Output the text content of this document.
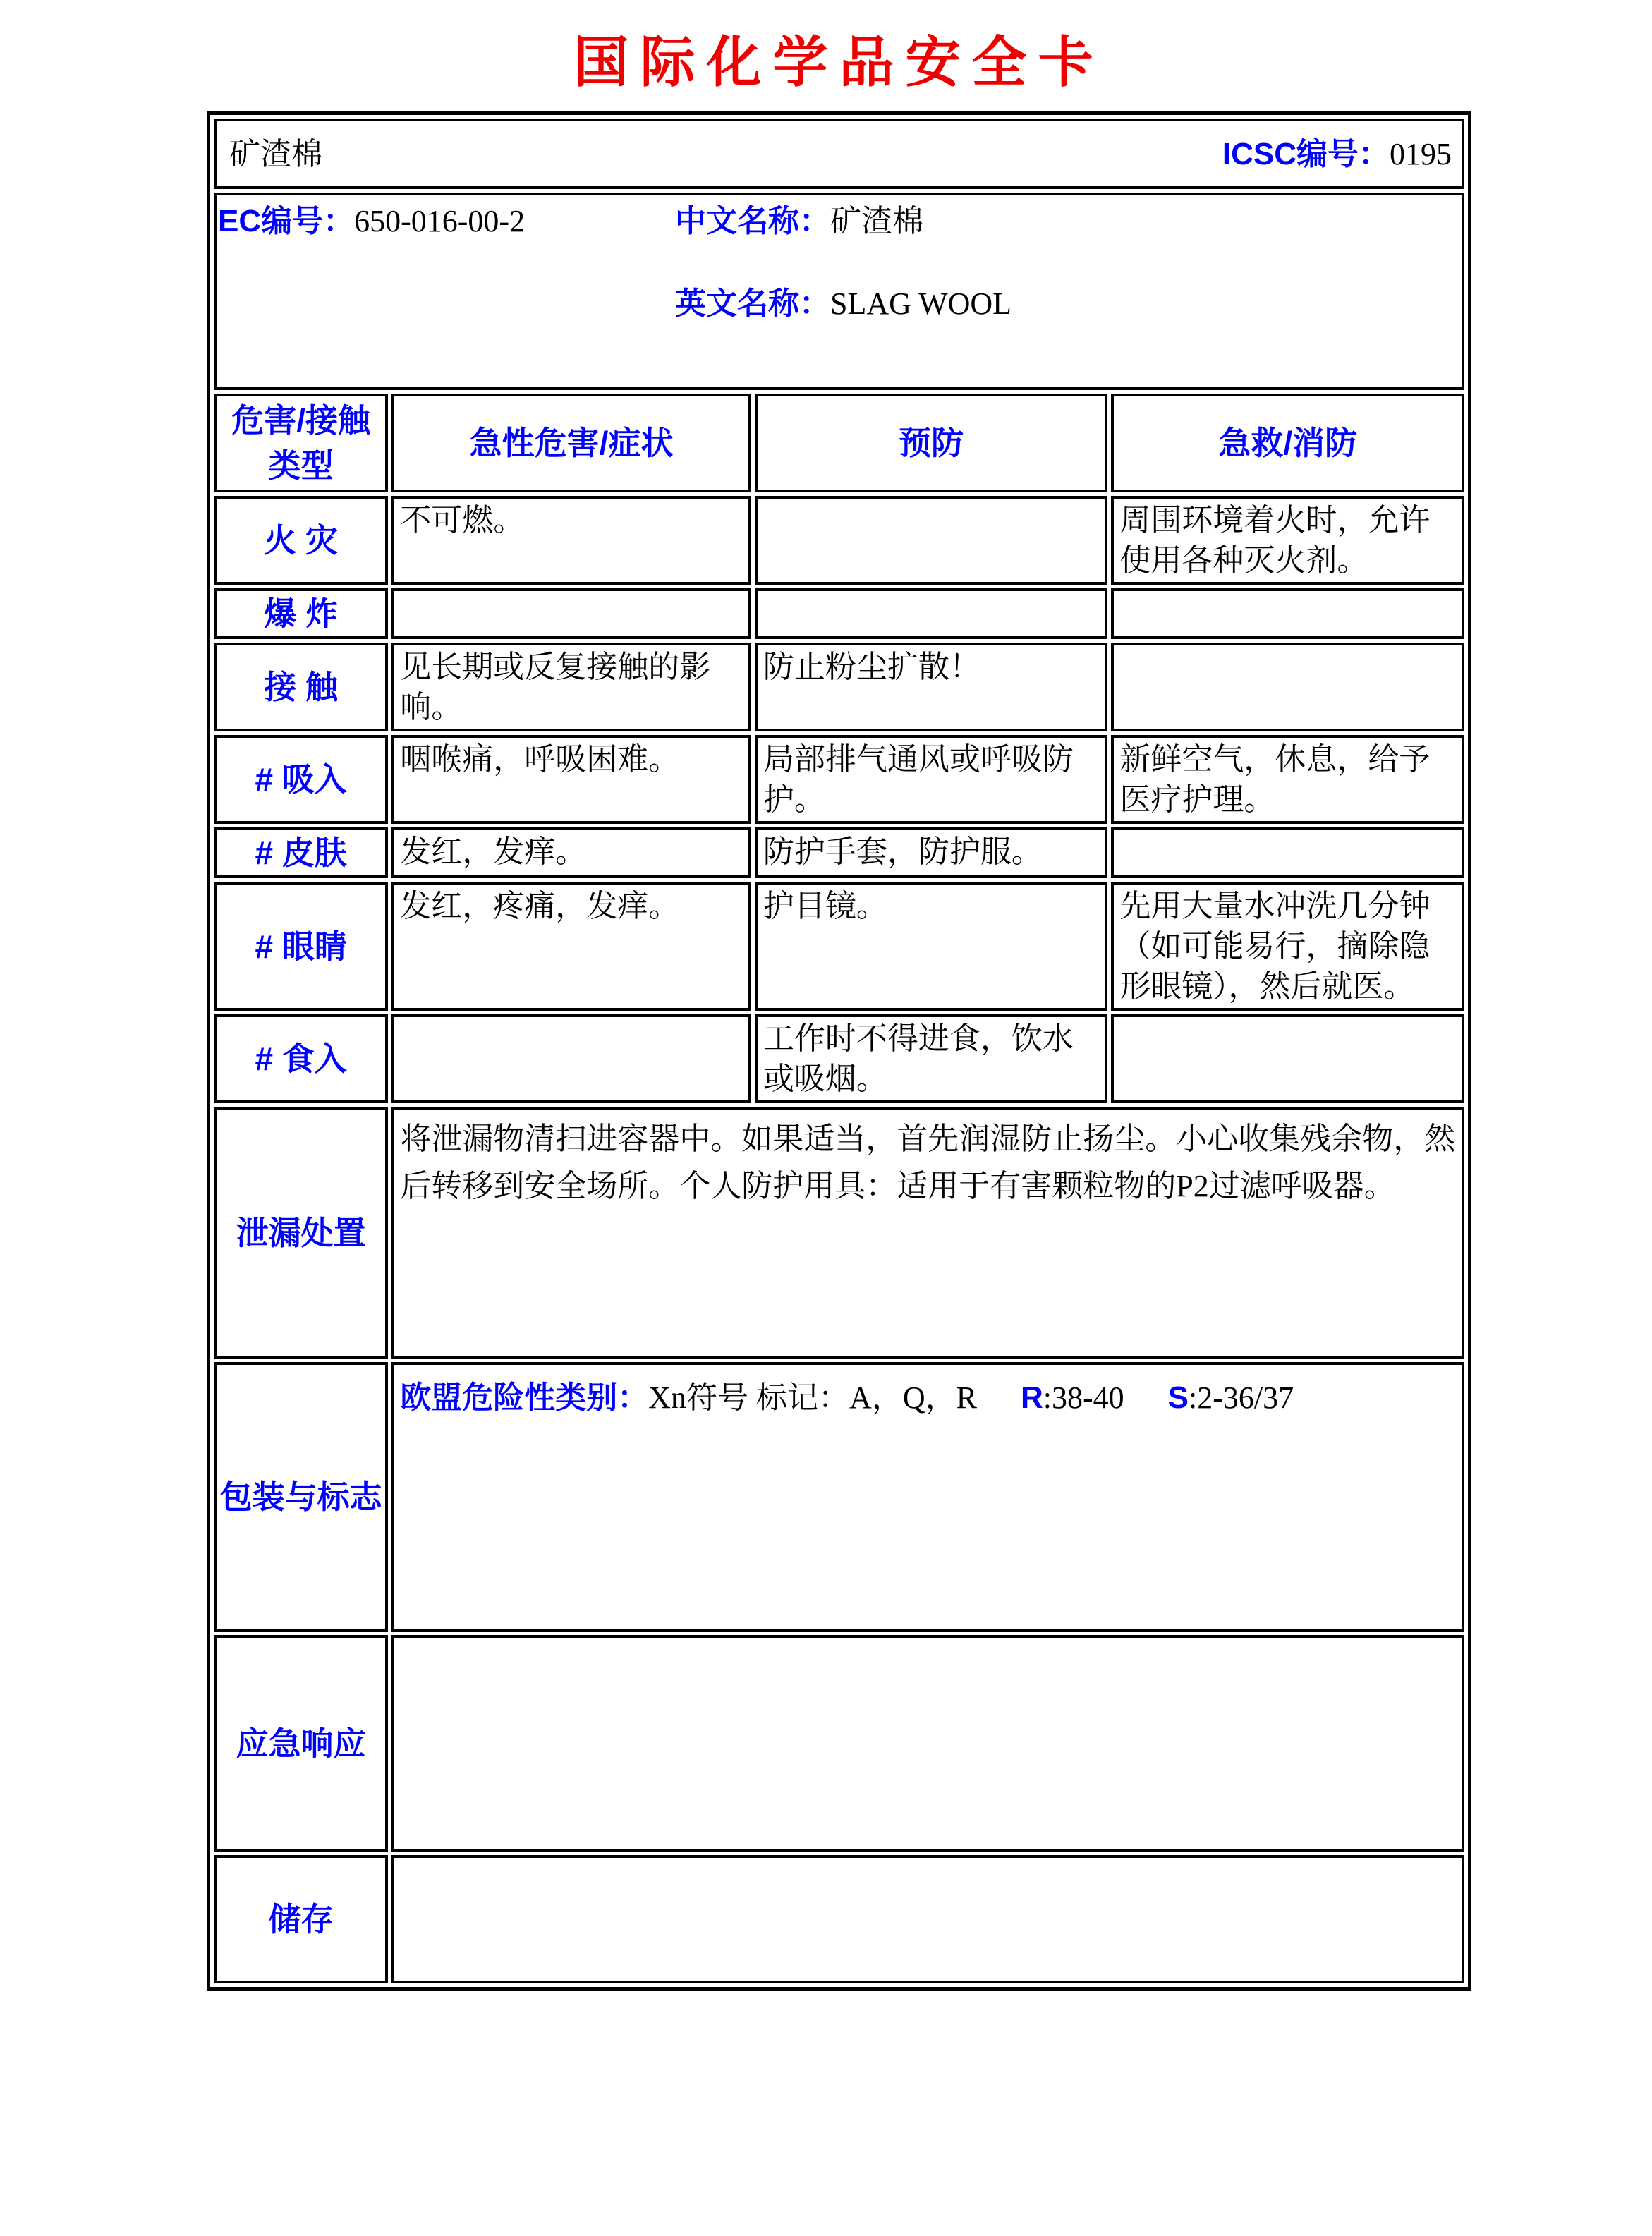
国际化学品安全卡
矿渣棉 ICSC编号：0195			

EC编号：650-016-00-2 中文名称：矿渣棉
英文名称：SLAG WOOL			

危害/接触类型	急性危害/症状	预防	急救/消防
火 灾	不可燃。		周围环境着火时，允许使用各种灭火剂。
爆 炸			
接 触	见长期或反复接触的影响。	防止粉尘扩散！	
# 吸入	咽喉痛，呼吸困难。	局部排气通风或呼吸防护。	新鲜空气，休息，给予医疗护理。
# 皮肤	发红，发痒。	防护手套，防护服。	
# 眼睛	发红，疼痛，发痒。	护目镜。	先用大量水冲洗几分钟（如可能易行，摘除隐形眼镜），然后就医。
# 食入		工作时不得进食，饮水或吸烟。	
泄漏处置	将泄漏物清扫进容器中。如果适当，首先润湿防止扬尘。小心收集残余物，然后转移到安全场所。个人防护用具：适用于有害颗粒物的P2过滤呼吸器。		

包装与标志	欧盟危险性类别：Xn符号 标记：A，Q，R R:38-40 S:2-36/37		

应急响应			
储存			
